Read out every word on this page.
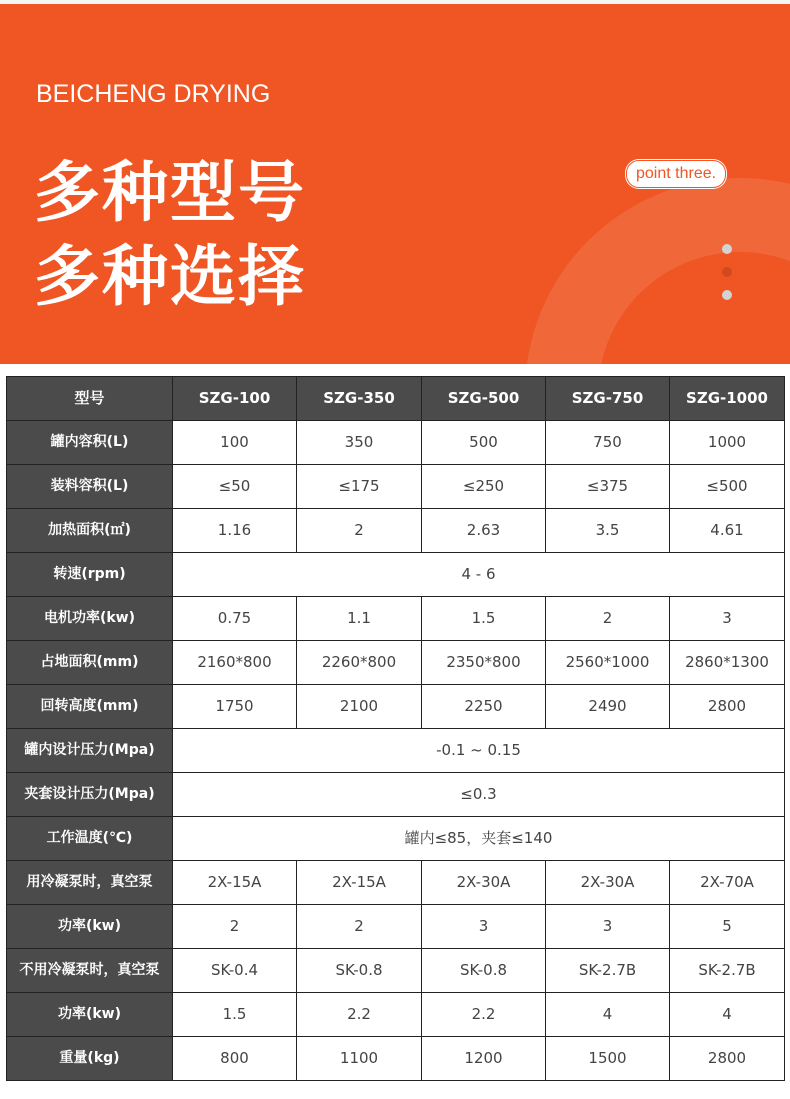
BEICHENG DRYING
多种型号
多种选择
point three.
型号	SZG-100	SZG-350	SZG-500	SZG-750	SZG-1000
罐内容积(L)	100	350	500	750	1000
装料容积(L)	≤50	≤175	≤250	≤375	≤500
加热面积(㎡)	1.16	2	2.63	3.5	4.61
转速(rpm)	4 - 6				
电机功率(kw)	0.75	1.1	1.5	2	3
占地面积(mm)	2160*800	2260*800	2350*800	2560*1000	2860*1300
回转高度(mm)	1750	2100	2250	2490	2800
罐内设计压力(Mpa)	-0.1 ~ 0.15				
夹套设计压力(Mpa)	≤0.3				
工作温度(℃)	罐内≤85，夹套≤140				
用冷凝泵时，真空泵	2X-15A	2X-15A	2X-30A	2X-30A	2X-70A
功率(kw)	2	2	3	3	5
不用冷凝泵时，真空泵	SK-0.4	SK-0.8	SK-0.8	SK-2.7B	SK-2.7B
功率(kw)	1.5	2.2	2.2	4	4
重量(kg)	800	1100	1200	1500	2800
